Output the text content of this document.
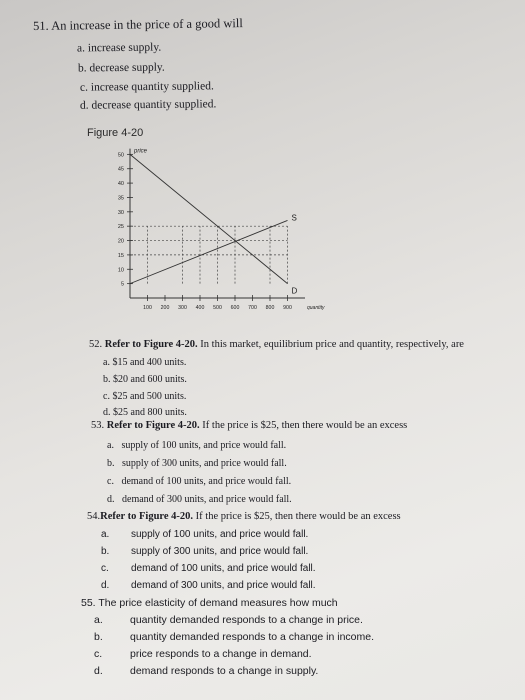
51. An increase in the price of a good will
a. increase supply.
b. decrease supply.
c. increase quantity supplied.
d. decrease quantity supplied.
Figure 4-20
D
S
5
10
15
20
25
30
35
40
45
50
100 200 300 400 500 600 700 800 900
price
quantity
52. Refer to Figure 4-20. In this market, equilibrium price and quantity, respectively, are
a. $15 and 400 units.
b. $20 and 600 units.
c. $25 and 500 units.
d. $25 and 800 units.
53. Refer to Figure 4-20. If the price is $25, then there would be an excess
a. supply of 100 units, and price would fall.
b. supply of 300 units, and price would fall.
c. demand of 100 units, and price would fall.
d. demand of 300 units, and price would fall.
54.Refer to Figure 4-20. If the price is $25, then there would be an excess
a. supply of 100 units, and price would fall.
b. supply of 300 units, and price would fall.
c. demand of 100 units, and price would fall.
d. demand of 300 units, and price would fall.
55. The price elasticity of demand measures how much
a.	quantity demanded responds to a change in price.
b.	quantity demanded responds to a change in income.
c.	price responds to a change in demand.
d.	demand responds to a change in supply.
